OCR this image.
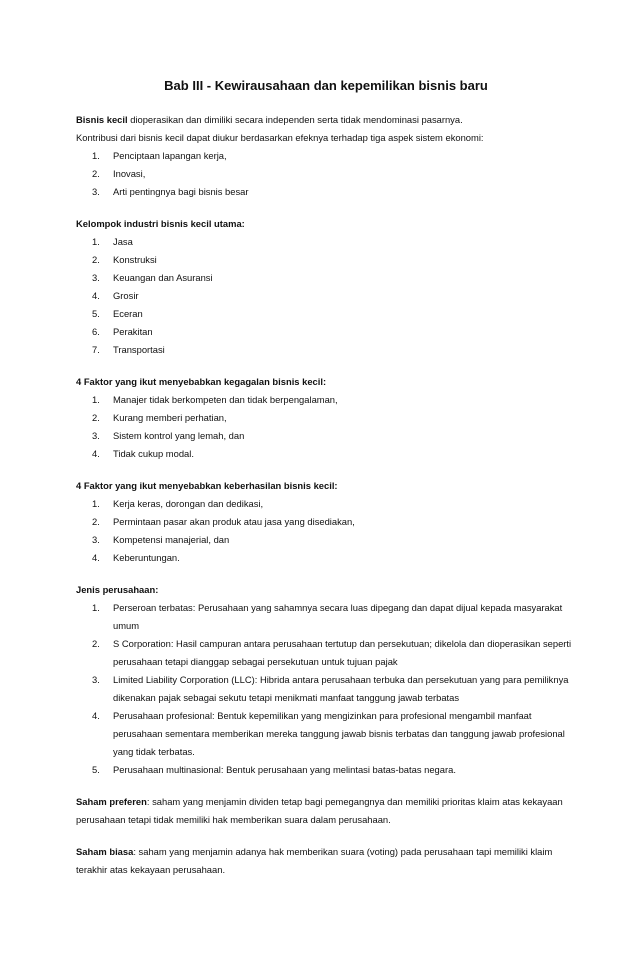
Bab III - Kewirausahaan dan kepemilikan bisnis baru

Bisnis kecil dioperasikan dan dimiliki secara independen serta tidak mendominasi pasarnya.

Kontribusi dari bisnis kecil dapat diukur berdasarkan efeknya terhadap tiga aspek sistem ekonomi:

1. Penciptaan lapangan kerja,
2. Inovasi,
3. Arti pentingnya bagi bisnis besar

Kelompok industri bisnis kecil utama:

1. Jasa
2. Konstruksi
3. Keuangan dan Asuransi
4. Grosir
5. Eceran
6. Perakitan
7. Transportasi

4 Faktor yang ikut menyebabkan kegagalan bisnis kecil:

1. Manajer tidak berkompeten dan tidak berpengalaman,
2. Kurang memberi perhatian,
3. Sistem kontrol yang lemah, dan
4. Tidak cukup modal.

4 Faktor yang ikut menyebabkan keberhasilan bisnis kecil:

1. Kerja keras, dorongan dan dedikasi,
2. Permintaan pasar akan produk atau jasa yang disediakan,
3. Kompetensi manajerial, dan
4. Keberuntungan.

Jenis perusahaan:

1. Perseroan terbatas: Perusahaan yang sahamnya secara luas dipegang dan dapat dijual kepada masyarakat umum
2. S Corporation: Hasil campuran antara perusahaan tertutup dan persekutuan; dikelola dan dioperasikan seperti perusahaan tetapi dianggap sebagai persekutuan untuk tujuan pajak
3. Limited Liability Corporation (LLC): Hibrida antara perusahaan terbuka dan persekutuan yang para pemiliknya dikenakan pajak sebagai sekutu tetapi menikmati manfaat tanggung jawab terbatas
4. Perusahaan profesional: Bentuk kepemilikan yang mengizinkan para profesional mengambil manfaat perusahaan sementara memberikan mereka tanggung jawab bisnis terbatas dan tanggung jawab profesional yang tidak terbatas.
5. Perusahaan multinasional: Bentuk perusahaan yang melintasi batas-batas negara.

Saham preferen: saham yang menjamin dividen tetap bagi pemegangnya dan memiliki prioritas klaim atas kekayaan perusahaan tetapi tidak memiliki hak memberikan suara dalam perusahaan.

Saham biasa: saham yang menjamin adanya hak memberikan suara (voting) pada perusahaan tapi memiliki klaim terakhir atas kekayaan perusahaan.
